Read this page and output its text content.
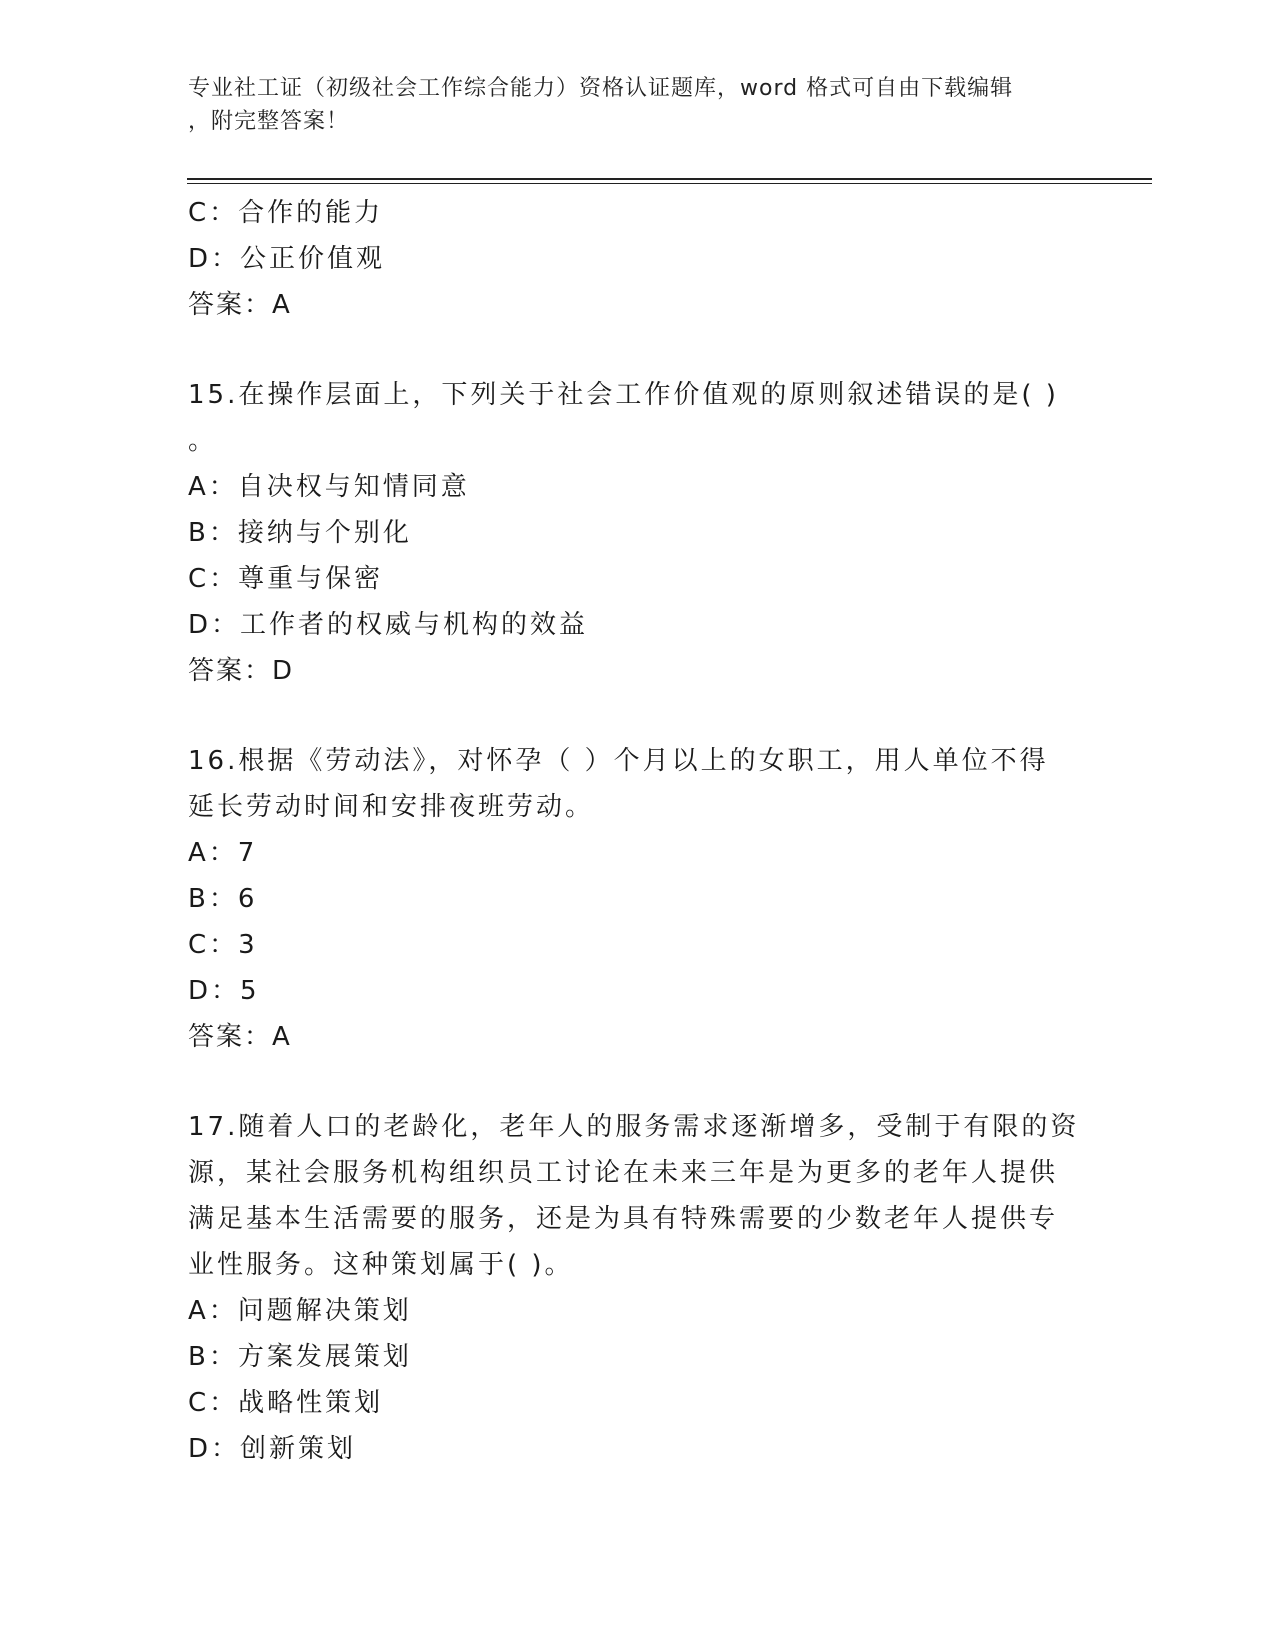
专业社工证（初级社会工作综合能力）资格认证题库，word 格式可自由下载编辑
，附完整答案！
C：合作的能力
D：公正价值观
答案：A
15.在操作层面上，下列关于社会工作价值观的原则叙述错误的是( )
。
A：自决权与知情同意
B：接纳与个别化
C：尊重与保密
D：工作者的权威与机构的效益
答案：D
16.根据《劳动法》，对怀孕（ ）个月以上的女职工，用人单位不得
延长劳动时间和安排夜班劳动。
A：7
B：6
C：3
D：5
答案：A
17.随着人口的老龄化，老年人的服务需求逐渐增多，受制于有限的资
源，某社会服务机构组织员工讨论在未来三年是为更多的老年人提供
满足基本生活需要的服务，还是为具有特殊需要的少数老年人提供专
业性服务。这种策划属于( )。
A：问题解决策划
B：方案发展策划
C：战略性策划
D：创新策划
